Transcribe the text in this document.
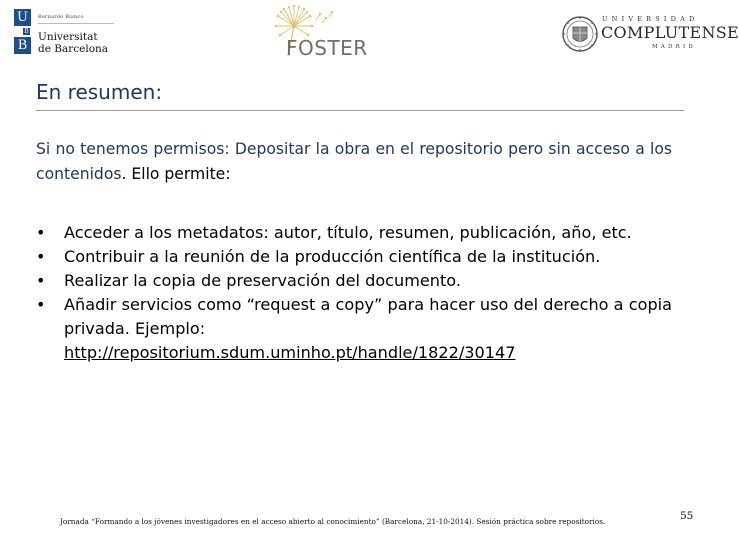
U
B
B
Bernardo Bianco
Universitat
de Barcelona	FOSTER
UNIVERSIDAD
COMPLUTENSE
MADRID
En resumen:

Si no tenemos permisos: Depositar la obra en el repositorio pero sin acceso a los contenidos. Ello permite:

• Acceder a los metadatos: autor, título, resumen, publicación, año, etc.
• Contribuir a la reunión de la producción científica de la institución.
• Realizar la copia de preservación del documento.
• Añadir servicios como “request a copy” para hacer uso del derecho a copia privada. Ejemplo:
http://repositorium.sdum.uminho.pt/handle/1822/30147

Jornada “Formando a los jóvenes investigadores en el acceso abierto al conocimiento” (Barcelona, 21-10-2014). Sesión práctica sobre repositorios.	55
